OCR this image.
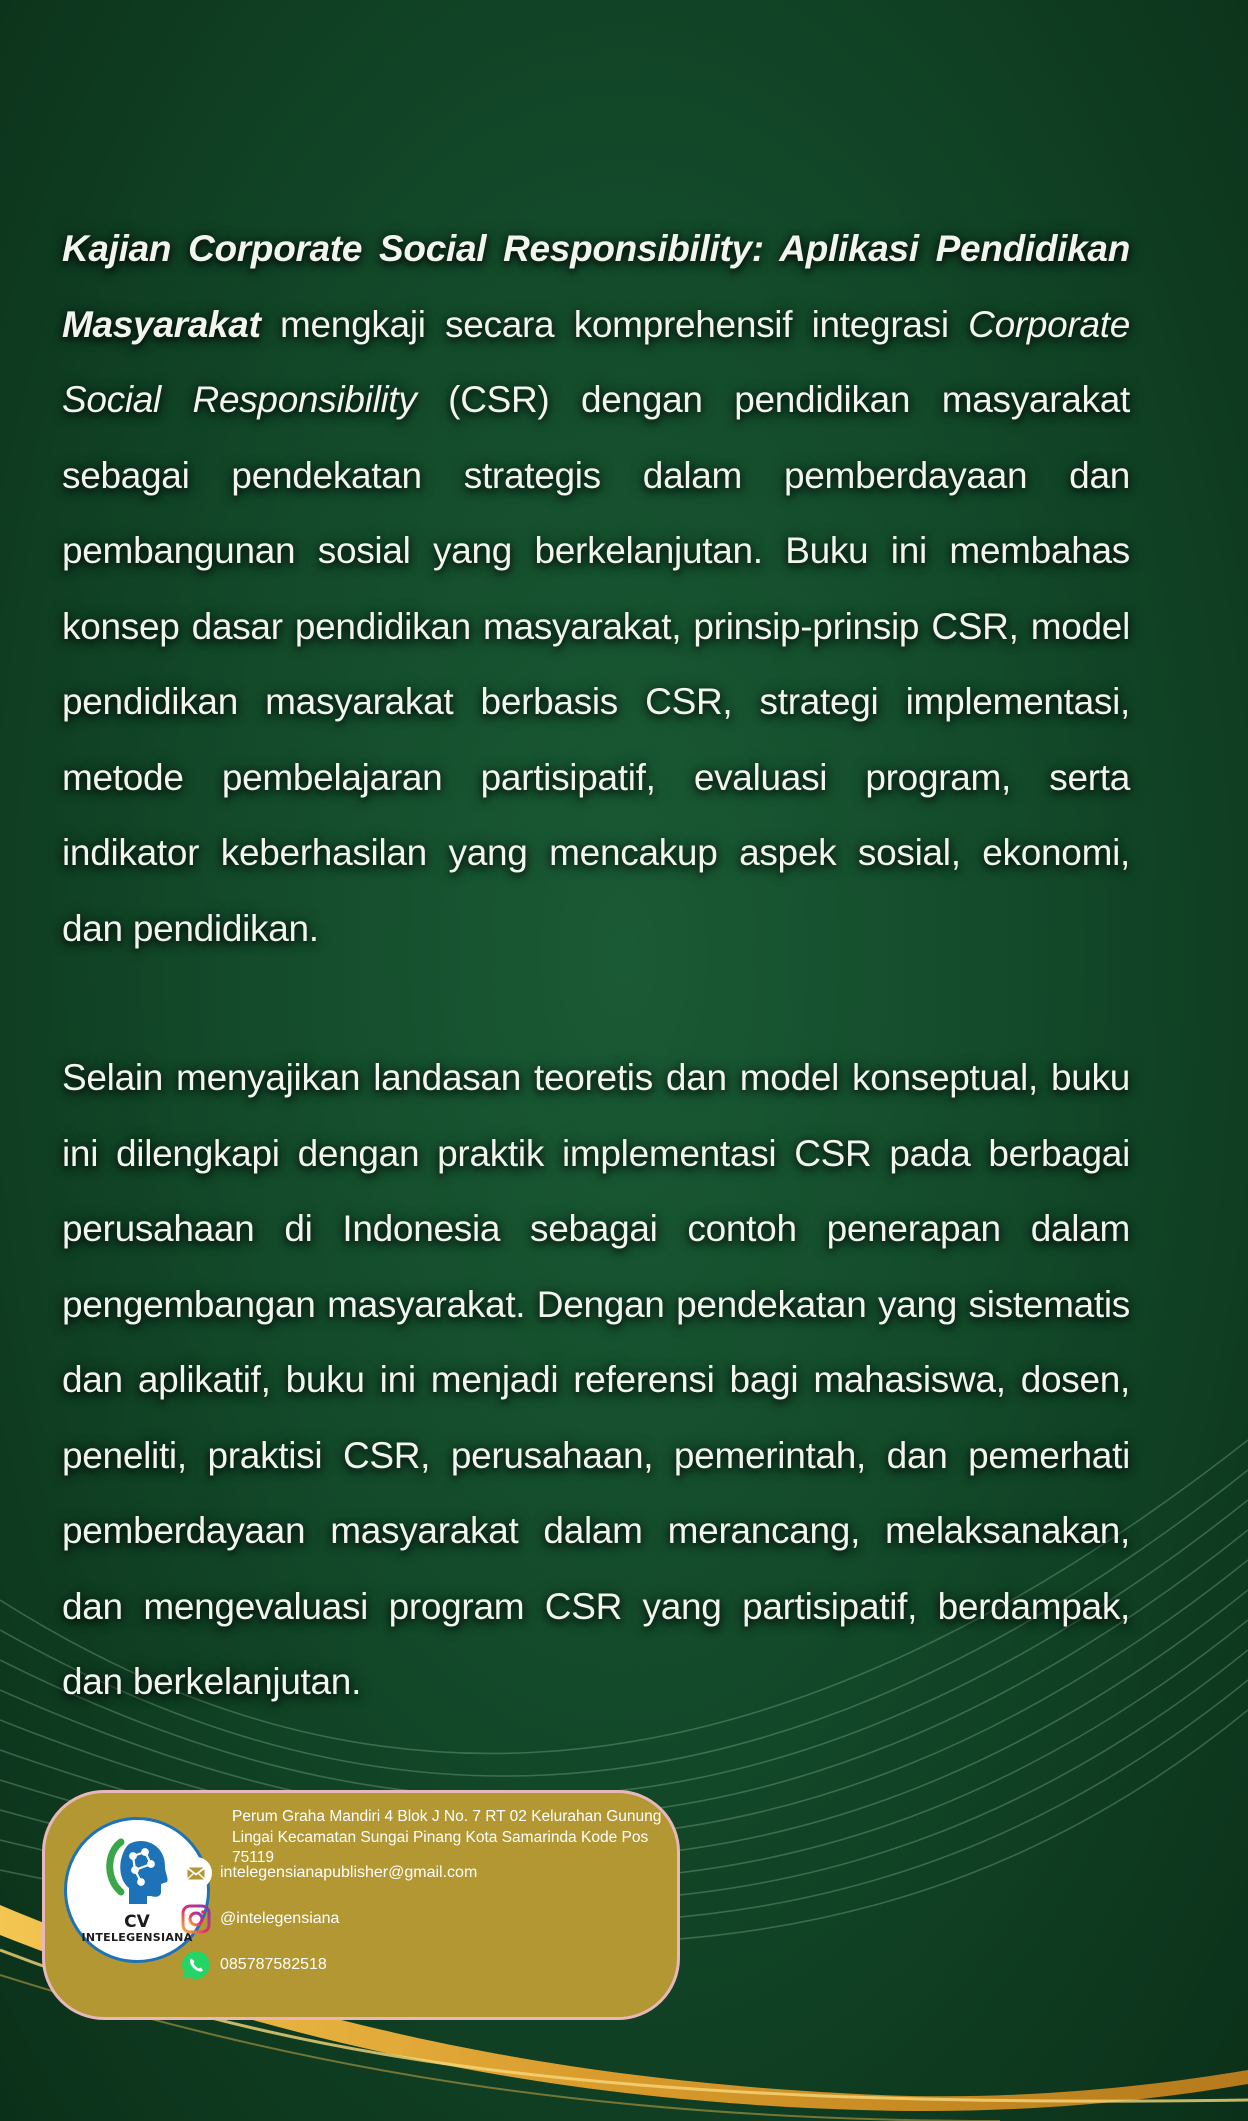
Kajian Corporate Social Responsibility: Aplikasi Pendidikan Masyarakat mengkaji secara komprehensif integrasi Corporate Social Responsibility (CSR) dengan pendidikan masyarakat sebagai pendekatan strategis dalam pemberdayaan dan pembangunan sosial yang berkelanjutan. Buku ini membahas konsep dasar pendidikan masyarakat, prinsip-prinsip CSR, model pendidikan masyarakat berbasis CSR, strategi implementasi, metode pembelajaran partisipatif, evaluasi program, serta indikator keberhasilan yang mencakup aspek sosial, ekonomi, dan pendidikan.
Selain menyajikan landasan teoretis dan model konseptual, buku ini dilengkapi dengan praktik implementasi CSR pada berbagai perusahaan di Indonesia sebagai contoh penerapan dalam pengembangan masyarakat. Dengan pendekatan yang sistematis dan aplikatif, buku ini menjadi referensi bagi mahasiswa, dosen, peneliti, praktisi CSR, perusahaan, pemerintah, dan pemerhati pemberdayaan masyarakat dalam merancang, melaksanakan, dan mengevaluasi program CSR yang partisipatif, berdampak, dan berkelanjutan.
CV
INTELEGENSIANA
Perum Graha Mandiri 4 Blok J No. 7 RT 02 Kelurahan Gunung Lingai Kecamatan Sungai Pinang Kota Samarinda Kode Pos 75119
intelegensianapublisher@gmail.com
@intelegensiana
085787582518
